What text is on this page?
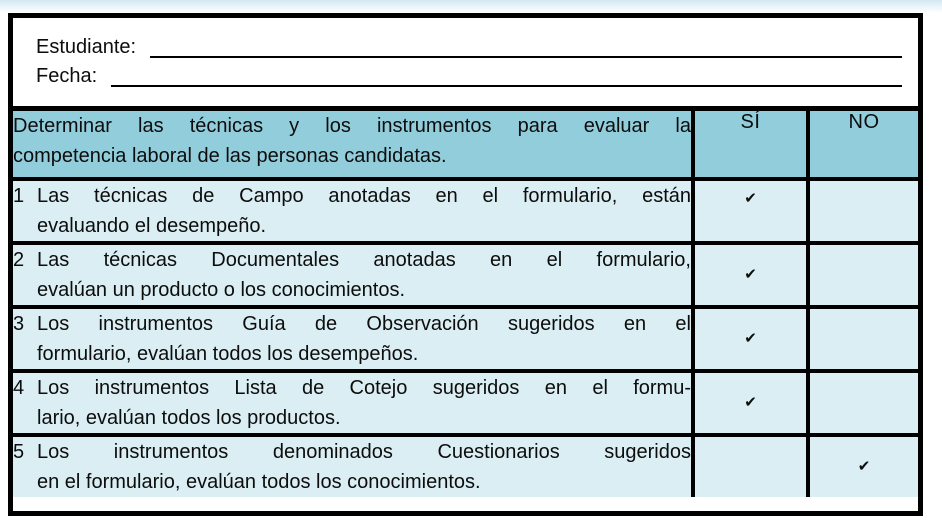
Estudiante:
Fecha:
Determinar las técnicas y los instrumentos para evaluar la
competencia laboral de las personas candidatas.	SÍ	NO

1 Las técnicas de Campo anotadas en el formulario, están
evaluando el desempeño.	✔	

2 Las técnicas Documentales anotadas en el formulario,
evalúan un producto o los conocimientos.	✔	

3 Los instrumentos Guía de Observación sugeridos en el
formulario, evalúan todos los desempeños.	✔	

4 Los instrumentos Lista de Cotejo sugeridos en el formu-
lario, evalúan todos los productos.	✔	

5 Los instrumentos denominados Cuestionarios sugeridos
en el formulario, evalúan todos los conocimientos.		✔
